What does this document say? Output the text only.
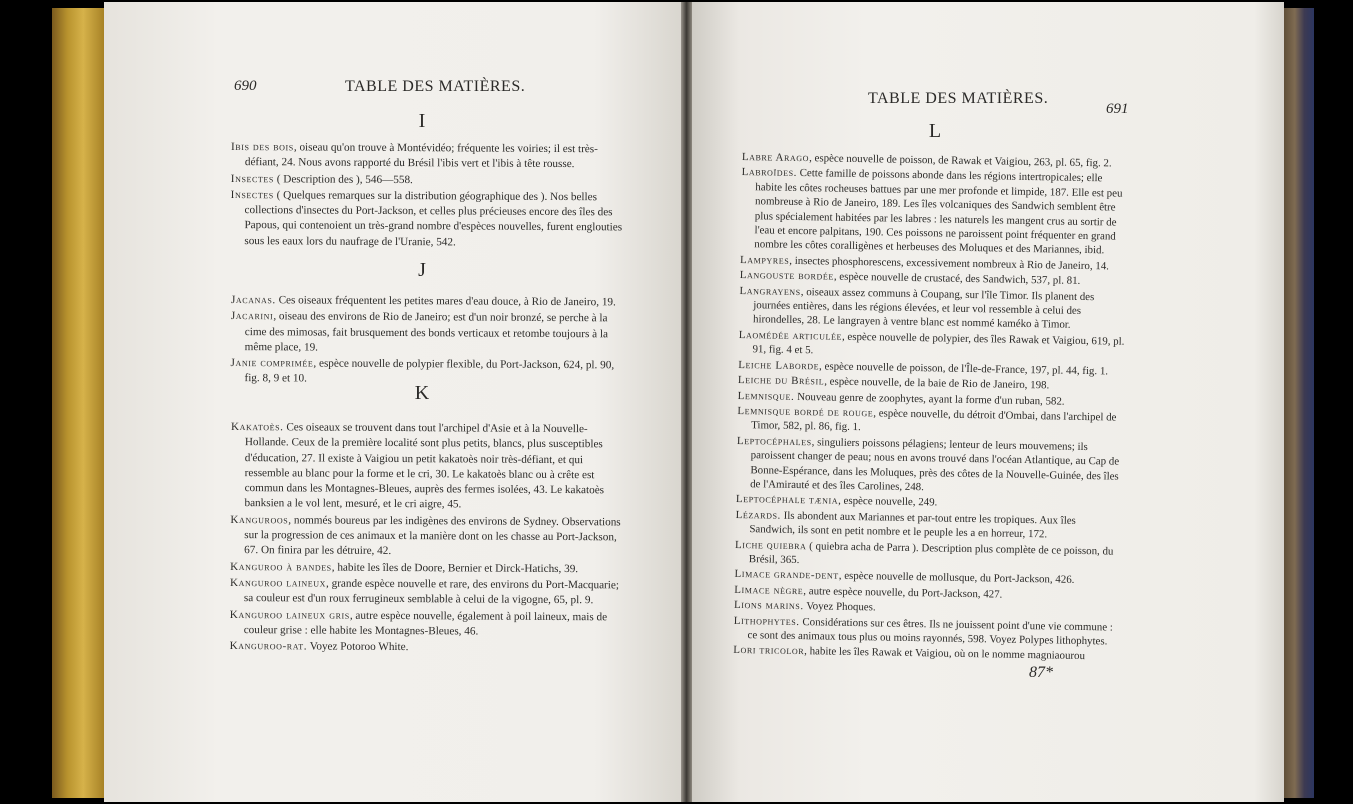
690	TABLE DES MATIÈRES.
I
Ibis des bois, oiseau qu'on trouve à Montévidéo; fréquente les voiries; il est très-défiant, 24. Nous avons rapporté du Brésil l'ibis vert et l'ibis à tête rousse.
Insectes ( Description des ), 546—558.
Insectes ( Quelques remarques sur la distribution géographique des ). Nos belles collections d'insectes du Port-Jackson, et celles plus précieuses encore des îles des Papous, qui contenoient un très-grand nombre d'espèces nouvelles, furent englouties sous les eaux lors du naufrage de l'Uranie, 542.
J
Jacanas. Ces oiseaux fréquentent les petites mares d'eau douce, à Rio de Janeiro, 19.
Jacarini, oiseau des environs de Rio de Janeiro; est d'un noir bronzé, se perche à la cime des mimosas, fait brusquement des bonds verticaux et retombe toujours à la même place, 19.
Janie comprimée, espèce nouvelle de polypier flexible, du Port-Jackson, 624, pl. 90, fig. 8, 9 et 10.
K
Kakatoès. Ces oiseaux se trouvent dans tout l'archipel d'Asie et à la Nouvelle-Hollande. Ceux de la première localité sont plus petits, blancs, plus susceptibles d'éducation, 27. Il existe à Vaigiou un petit kakatoès noir très-défiant, et qui ressemble au blanc pour la forme et le cri, 30. Le kakatoès blanc ou à crête est commun dans les Montagnes-Bleues, auprès des fermes isolées, 43. Le kakatoès banksien a le vol lent, mesuré, et le cri aigre, 45.
Kanguroos, nommés boureus par les indigènes des environs de Sydney. Observations sur la progression de ces animaux et la manière dont on les chasse au Port-Jackson, 67. On finira par les détruire, 42.
Kanguroo à bandes, habite les îles de Doore, Bernier et Dirck-Hatichs, 39.
Kanguroo laineux, grande espèce nouvelle et rare, des environs du Port-Macquarie; sa couleur est d'un roux ferrugineux semblable à celui de la vigogne, 65, pl. 9.
Kanguroo laineux gris, autre espèce nouvelle, également à poil laineux, mais de couleur grise : elle habite les Montagnes-Bleues, 46.
Kanguroo-rat. Voyez Potoroo White.
TABLE DES MATIÈRES.
691
L
Labre Arago, espèce nouvelle de poisson, de Rawak et Vaigiou, 263, pl. 65, fig. 2.
Labroïdes. Cette famille de poissons abonde dans les régions intertropicales; elle habite les côtes rocheuses battues par une mer profonde et limpide, 187. Elle est peu nombreuse à Rio de Janeiro, 189. Les îles volcaniques des Sandwich semblent être plus spécialement habitées par les labres : les naturels les mangent crus au sortir de l'eau et encore palpitans, 190. Ces poissons ne paroissent point fréquenter en grand nombre les côtes coralligènes et herbeuses des Moluques et des Mariannes, ibid.
Lampyres, insectes phosphorescens, excessivement nombreux à Rio de Janeiro, 14.
Langouste bordée, espèce nouvelle de crustacé, des Sandwich, 537, pl. 81.
Langrayens, oiseaux assez communs à Coupang, sur l'île Timor. Ils planent des journées entières, dans les régions élevées, et leur vol ressemble à celui des hirondelles, 28. Le langrayen à ventre blanc est nommé kaméko à Timor.
Laomédée articulée, espèce nouvelle de polypier, des îles Rawak et Vaigiou, 619, pl. 91, fig. 4 et 5.
Leiche Laborde, espèce nouvelle de poisson, de l'Île-de-France, 197, pl. 44, fig. 1.
Leiche du Brésil, espèce nouvelle, de la baie de Rio de Janeiro, 198.
Lemnisque. Nouveau genre de zoophytes, ayant la forme d'un ruban, 582.
Lemnisque bordé de rouge, espèce nouvelle, du détroit d'Ombai, dans l'archipel de Timor, 582, pl. 86, fig. 1.
Leptocéphales, singuliers poissons pélagiens; lenteur de leurs mouvemens; ils paroissent changer de peau; nous en avons trouvé dans l'océan Atlantique, au Cap de Bonne-Espérance, dans les Moluques, près des côtes de la Nouvelle-Guinée, des îles de l'Amirauté et des îles Carolines, 248.
Leptocéphale tænia, espèce nouvelle, 249.
Lézards. Ils abondent aux Mariannes et par-tout entre les tropiques. Aux îles Sandwich, ils sont en petit nombre et le peuple les a en horreur, 172.
Liche quiebra ( quiebra acha de Parra ). Description plus complète de ce poisson, du Brésil, 365.
Limace grande-dent, espèce nouvelle de mollusque, du Port-Jackson, 426.
Limace nègre, autre espèce nouvelle, du Port-Jackson, 427.
Lions marins. Voyez Phoques.
Lithophytes. Considérations sur ces êtres. Ils ne jouissent point d'une vie commune : ce sont des animaux tous plus ou moins rayonnés, 598. Voyez Polypes lithophytes.
Lori tricolor, habite les îles Rawak et Vaigiou, où on le nomme magniaourou
87*
